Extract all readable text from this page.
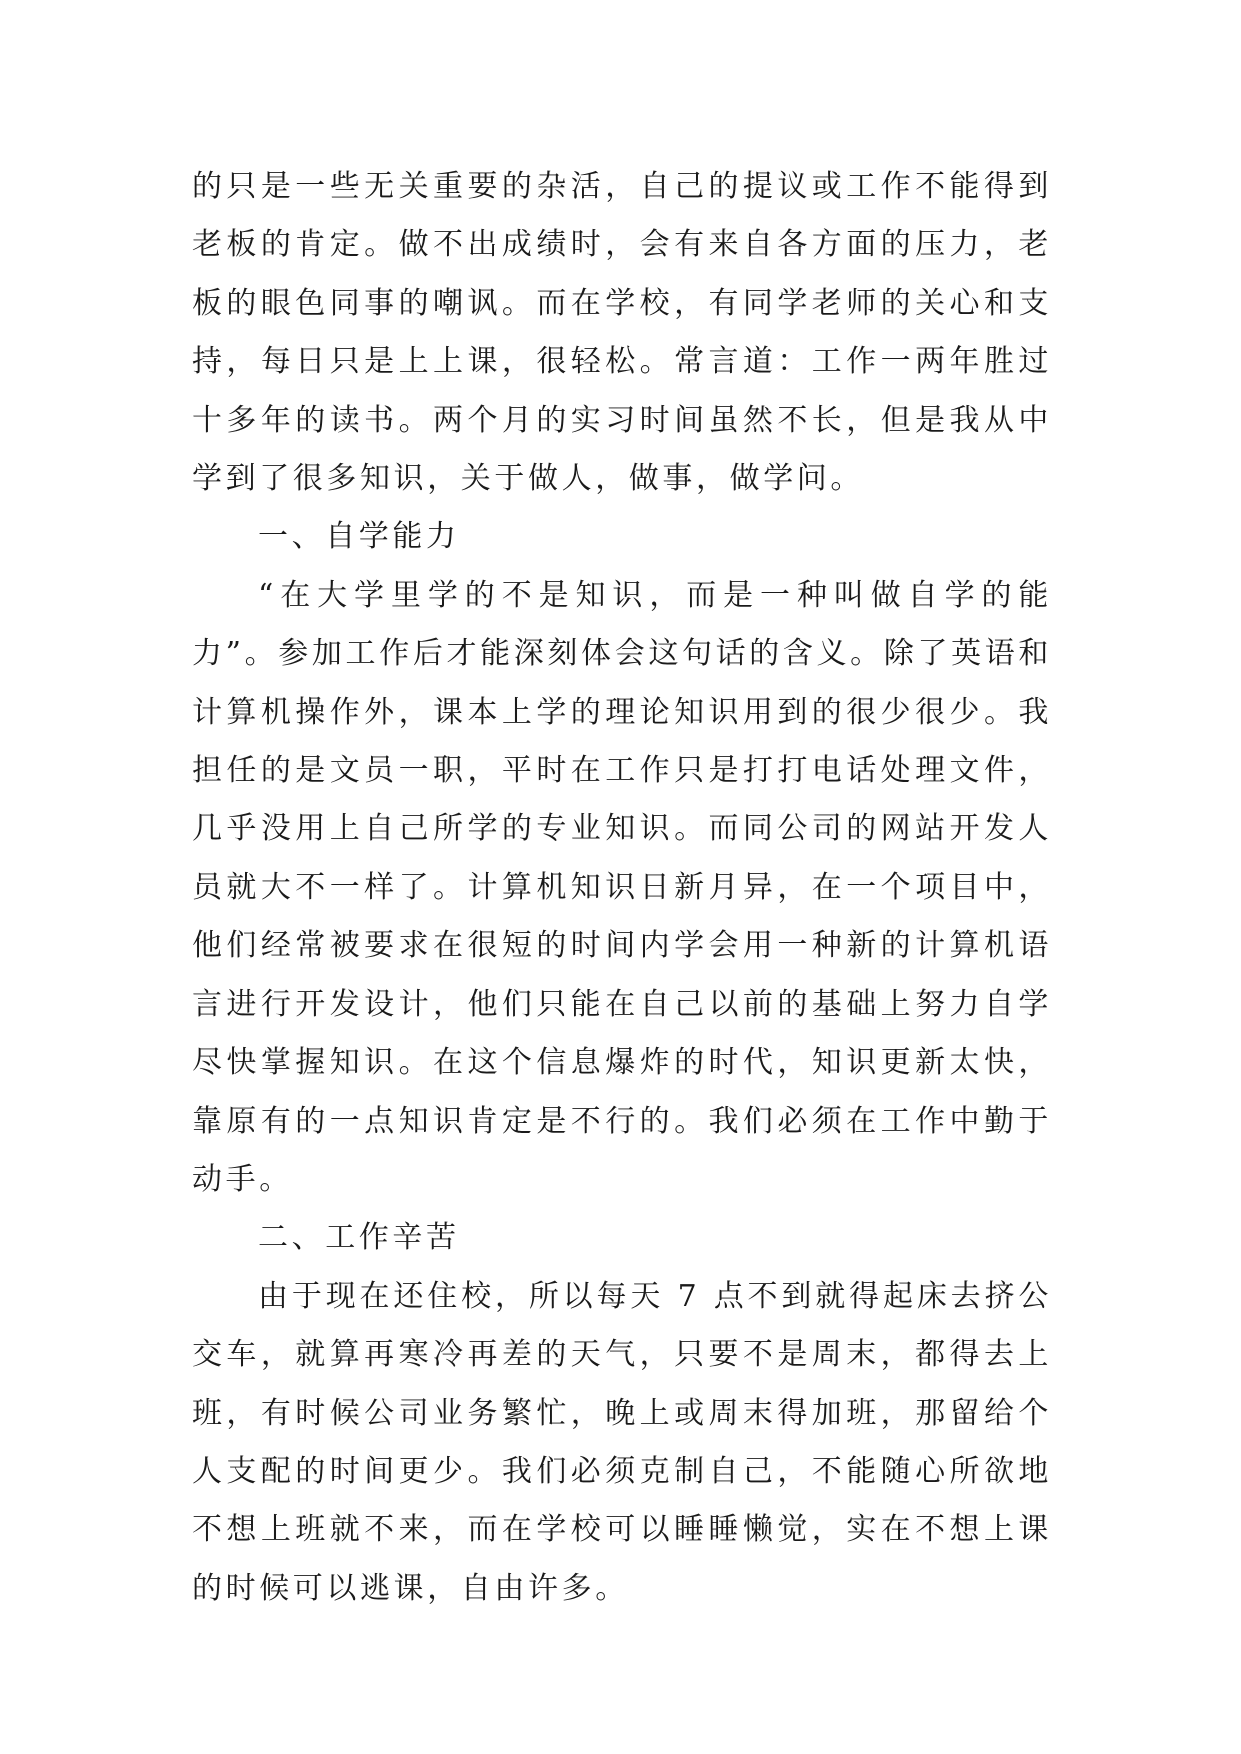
的只是一些无关重要的杂活，自己的提议或工作不能得到老板的肯定。做不出成绩时，会有来自各方面的压力，老板的眼色同事的嘲讽。而在学校，有同学老师的关心和支持，每日只是上上课，很轻松。常言道：工作一两年胜过十多年的读书。两个月的实习时间虽然不长，但是我从中学到了很多知识，关于做人，做事，做学问。

一、自学能力

“在大学里学的不是知识，而是一种叫做自学的能力”。参加工作后才能深刻体会这句话的含义。除了英语和计算机操作外，课本上学的理论知识用到的很少很少。我担任的是文员一职，平时在工作只是打打电话处理文件，几乎没用上自己所学的专业知识。而同公司的网站开发人员就大不一样了。计算机知识日新月异，在一个项目中，他们经常被要求在很短的时间内学会用一种新的计算机语言进行开发设计，他们只能在自己以前的基础上努力自学尽快掌握知识。在这个信息爆炸的时代，知识更新太快，靠原有的一点知识肯定是不行的。我们必须在工作中勤于动手。

二、工作辛苦

由于现在还住校，所以每天 7 点不到就得起床去挤公交车，就算再寒冷再差的天气，只要不是周末，都得去上班，有时候公司业务繁忙，晚上或周末得加班，那留给个人支配的时间更少。我们必须克制自己，不能随心所欲地不想上班就不来，而在学校可以睡睡懒觉，实在不想上课的时候可以逃课，自由许多。
